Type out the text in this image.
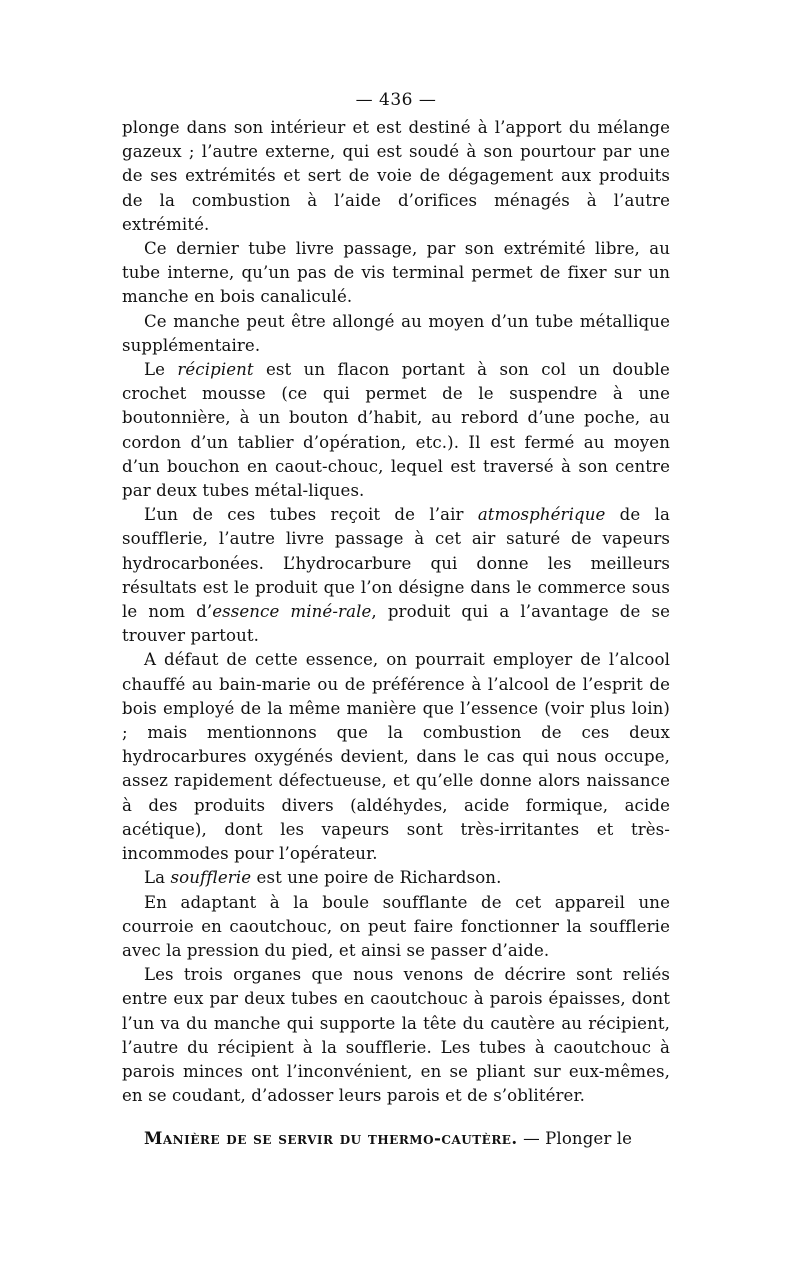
— 436 —

plonge dans son intérieur et est destiné à l’apport du mélange gazeux ; l’autre externe, qui est soudé à son pourtour par une de ses extrémités et sert de voie de dégagement aux produits de la combustion à l’aide d’orifices ménagés à l’autre extrémité.

Ce dernier tube livre passage, par son extrémité libre, au tube interne, qu’un pas de vis terminal permet de fixer sur un manche en bois canaliculé.

Ce manche peut être allongé au moyen d’un tube métallique supplémentaire.

Le récipient est un flacon portant à son col un double crochet mousse (ce qui permet de le suspendre à une boutonnière, à un bouton d’habit, au rebord d’une poche, au cordon d’un tablier d’opération, etc.). Il est fermé au moyen d’un bouchon en caout-chouc, lequel est traversé à son centre par deux tubes métal-liques.

L’un de ces tubes reçoit de l’air atmosphérique de la soufflerie, l’autre livre passage à cet air saturé de vapeurs hydrocarbonées. L’hydrocarbure qui donne les meilleurs résultats est le produit que l’on désigne dans le commerce sous le nom d’essence miné-rale, produit qui a l’avantage de se trouver partout.

A défaut de cette essence, on pourrait employer de l’alcool chauffé au bain-marie ou de préférence à l’alcool de l’esprit de bois employé de la même manière que l’essence (voir plus loin) ; mais mentionnons que la combustion de ces deux hydrocarbures oxygénés devient, dans le cas qui nous occupe, assez rapidement défectueuse, et qu’elle donne alors naissance à des produits divers (aldéhydes, acide formique, acide acétique), dont les vapeurs sont très-irritantes et très-incommodes pour l’opérateur.

La soufflerie est une poire de Richardson.

En adaptant à la boule soufflante de cet appareil une courroie en caoutchouc, on peut faire fonctionner la soufflerie avec la pression du pied, et ainsi se passer d’aide.

Les trois organes que nous venons de décrire sont reliés entre eux par deux tubes en caoutchouc à parois épaisses, dont l’un va du manche qui supporte la tête du cautère au récipient, l’autre du récipient à la soufflerie. Les tubes à caoutchouc à parois minces ont l’inconvénient, en se pliant sur eux-mêmes, en se coudant, d’adosser leurs parois et de s’oblitérer.

Manière de se servir du thermo-cautère. — Plonger le
